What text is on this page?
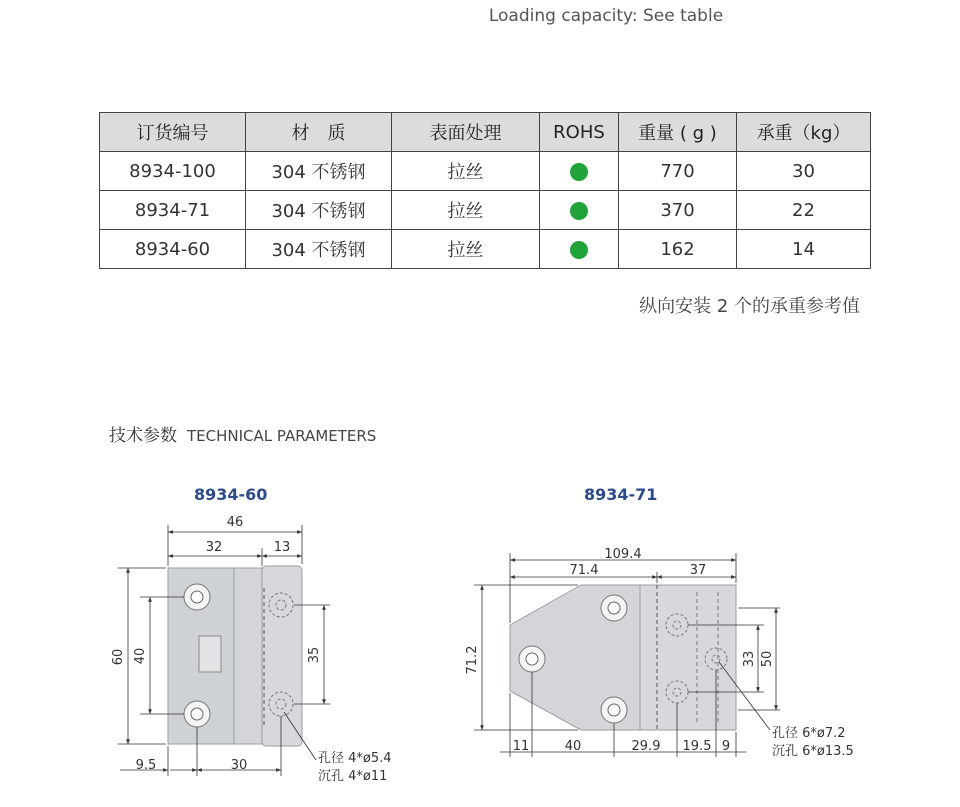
Loading capacity: See table
订货编号	材　质	表面处理	ROHS	重量 ( g )	承重（kg）
8934-100	304 不锈钢	拉丝		770	30
8934-71	304 不锈钢	拉丝		370	22
8934-60	304 不锈钢	拉丝		162	14
纵向安装 2 个的承重参考值
技术参数 TECHNICAL PARAMETERS
8934-60	8934-71
46
32	13
60 40	35
9.5	30	孔径 4*ø5.4
沉孔 4*ø11
109.4
71.4	37
71.2	33 50
11	40	29.9 19.5 9
孔径 6*ø7.2
沉孔 6*ø13.5
